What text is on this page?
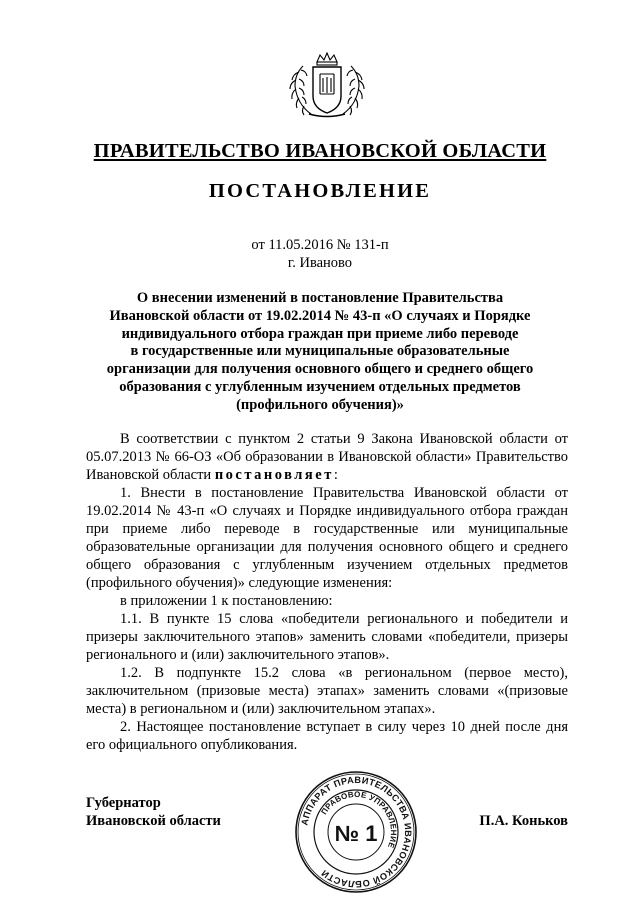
ПРАВИТЕЛЬСТВО ИВАНОВСКОЙ ОБЛАСТИ
ПОСТАНОВЛЕНИЕ
от 11.05.2016 № 131-п
г. Иваново
О внесении изменений в постановление Правительства
Ивановской области от 19.02.2014 № 43-п «О случаях и Порядке
индивидуального отбора граждан при приеме либо переводе
в государственные или муниципальные образовательные
организации для получения основного общего и среднего общего
образования с углубленным изучением отдельных предметов
(профильного обучения)»

В соответствии с пунктом 2 статьи 9 Закона Ивановской области от 05.07.2013 № 66-ОЗ «Об образовании в Ивановской области» Правительство Ивановской области постановляет:

1. Внести в постановление Правительства Ивановской области от 19.02.2014 № 43-п «О случаях и Порядке индивидуального отбора граждан при приеме либо переводе в государственные или муниципальные образовательные организации для получения основного общего и среднего общего образования с углубленным изучением отдельных предметов (профильного обучения)» следующие изменения:

в приложении 1 к постановлению:

1.1. В пункте 15 слова «победители регионального и победители и призеры заключительного этапов» заменить словами «победители, призеры регионального и (или) заключительного этапов».

1.2. В подпункте 15.2 слова «в региональном (первое место), заключительном (призовые места) этапах» заменить словами «(призовые места) в региональном и (или) заключительном этапах».

2. Настоящее постановление вступает в силу через 10 дней после дня его официального опубликования.

Губернатор
Ивановской области	АППАРАТ ПРАВИТЕЛЬСТВА ИВАНОВСКОЙ ОБЛАСТИ
ПРАВОВОЕ УПРАВЛЕНИЕ
№ 1	П.А. Коньков
